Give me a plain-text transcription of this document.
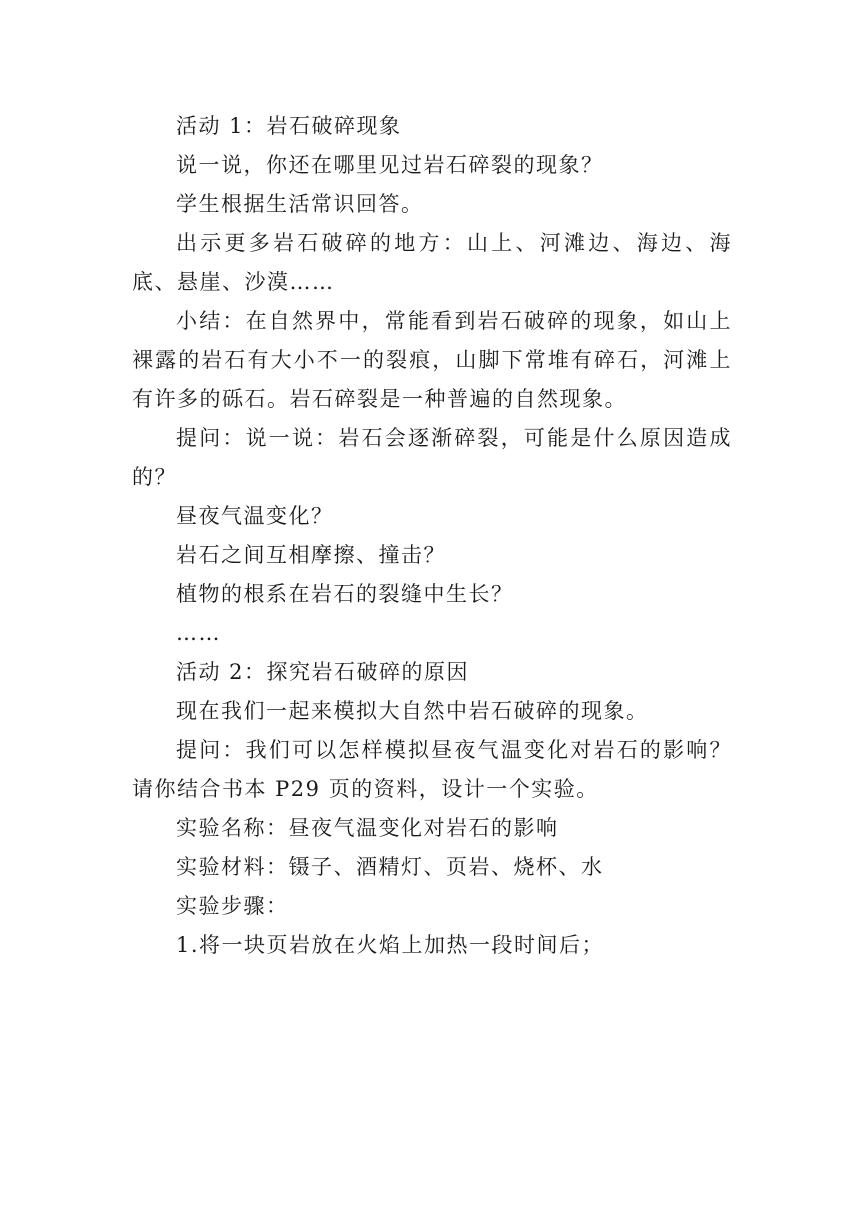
活动 1：岩石破碎现象

说一说，你还在哪里见过岩石碎裂的现象？

学生根据生活常识回答。

出示更多岩石破碎的地方：山上、河滩边、海边、海底、悬崖、沙漠……

小结：在自然界中，常能看到岩石破碎的现象，如山上裸露的岩石有大小不一的裂痕，山脚下常堆有碎石，河滩上有许多的砾石。岩石碎裂是一种普遍的自然现象。

提问：说一说：岩石会逐渐碎裂，可能是什么原因造成的？

昼夜气温变化？

岩石之间互相摩擦、撞击？

植物的根系在岩石的裂缝中生长？

……

活动 2：探究岩石破碎的原因

现在我们一起来模拟大自然中岩石破碎的现象。

提问：我们可以怎样模拟昼夜气温变化对岩石的影响？请你结合书本 P29 页的资料，设计一个实验。

实验名称：昼夜气温变化对岩石的影响

实验材料：镊子、酒精灯、页岩、烧杯、水

实验步骤：

1.将一块页岩放在火焰上加热一段时间后；
